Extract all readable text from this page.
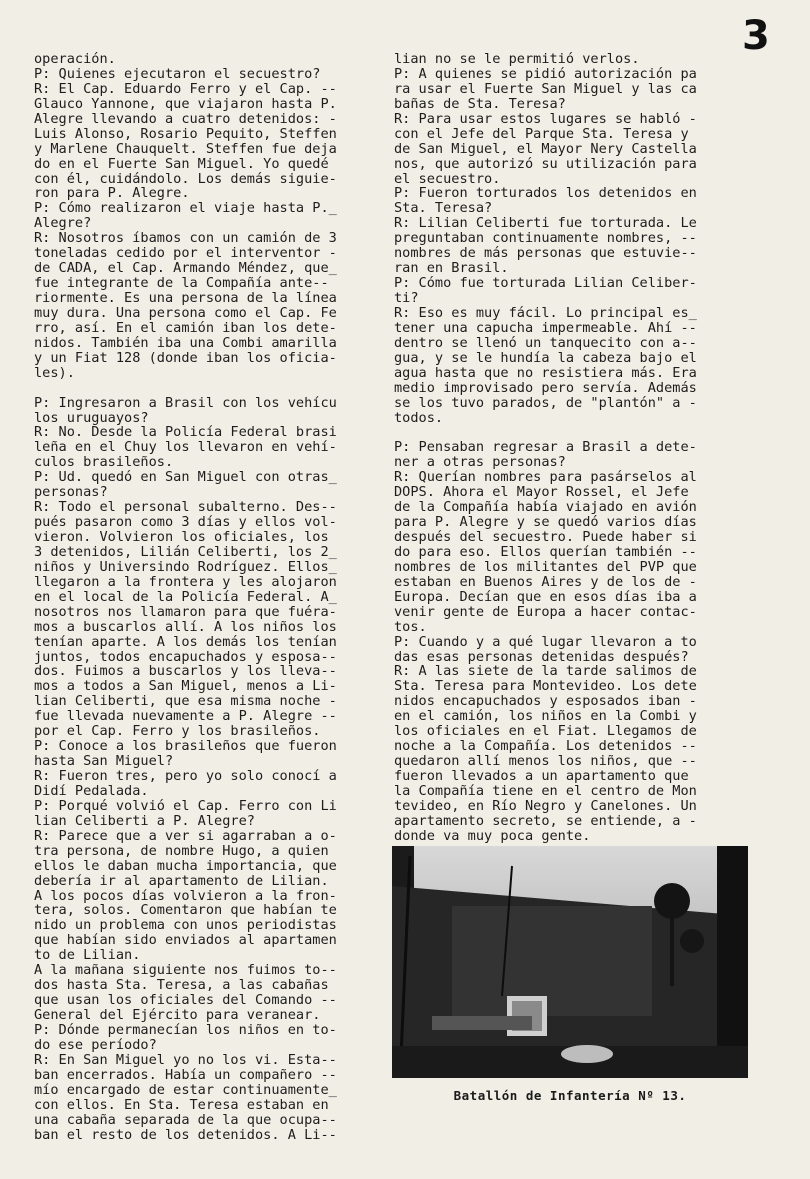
3
operación.
P: Quienes ejecutaron el secuestro?
R: El Cap. Eduardo Ferro y el Cap. --
Glauco Yannone, que viajaron hasta P.
Alegre llevando a cuatro detenidos: -
Luis Alonso, Rosario Pequito, Steffen
y Marlene Chauquelt. Steffen fue deja
do en el Fuerte San Miguel. Yo quedé
con él, cuidándolo. Los demás siguie-
ron para P. Alegre.
P: Cómo realizaron el viaje hasta P._
Alegre?
R: Nosotros íbamos con un camión de 3
toneladas cedido por el interventor -
de CADA, el Cap. Armando Méndez, que_
fue integrante de la Compañía ante--
riormente. Es una persona de la línea
muy dura. Una persona como el Cap. Fe
rro, así. En el camión iban los dete-
nidos. También iba una Combi amarilla
y un Fiat 128 (donde iban los oficia-
les).
P: Ingresaron a Brasil con los vehícu
los uruguayos?
R: No. Desde la Policía Federal brasi
leña en el Chuy los llevaron en vehí-
culos brasileños.
P: Ud. quedó en San Miguel con otras_
personas?
R: Todo el personal subalterno. Des--
pués pasaron como 3 días y ellos vol-
vieron. Volvieron los oficiales, los
3 detenidos, Lilián Celiberti, los 2_
niños y Universindo Rodríguez. Ellos_
llegaron a la frontera y les alojaron
en el local de la Policía Federal. A_
nosotros nos llamaron para que fuéra-
mos a buscarlos allí. A los niños los
tenían aparte. A los demás los tenían
juntos, todos encapuchados y esposa--
dos. Fuimos a buscarlos y los lleva--
mos a todos a San Miguel, menos a Li-
lian Celiberti, que esa misma noche -
fue llevada nuevamente a P. Alegre --
por el Cap. Ferro y los brasileños.
P: Conoce a los brasileños que fueron
hasta San Miguel?
R: Fueron tres, pero yo solo conocí a
Didí Pedalada.
P: Porqué volvió el Cap. Ferro con Li
lian Celiberti a P. Alegre?
R: Parece que a ver si agarraban a o-
tra persona, de nombre Hugo, a quien
ellos le daban mucha importancia, que
debería ir al apartamento de Lilian.
A los pocos días volvieron a la fron-
tera, solos. Comentaron que habían te
nido un problema con unos periodistas
que habían sido enviados al apartamen
to de Lilian.
A la mañana siguiente nos fuimos to--
dos hasta Sta. Teresa, a las cabañas
que usan los oficiales del Comando --
General del Ejército para veranear.
P: Dónde permanecían los niños en to-
do ese período?
R: En San Miguel yo no los vi. Esta--
ban encerrados. Había un compañero --
mío encargado de estar continuamente_
con ellos. En Sta. Teresa estaban en
una cabaña separada de la que ocupa--
ban el resto de los detenidos. A Li--
lian no se le permitió verlos.
P: A quienes se pidió autorización pa
ra usar el Fuerte San Miguel y las ca
bañas de Sta. Teresa?
R: Para usar estos lugares se habló -
con el Jefe del Parque Sta. Teresa y
de San Miguel, el Mayor Nery Castella
nos, que autorizó su utilización para
el secuestro.
P: Fueron torturados los detenidos en
Sta. Teresa?
R: Lilian Celiberti fue torturada. Le
preguntaban continuamente nombres, --
nombres de más personas que estuvie--
ran en Brasil.
P: Cómo fue torturada Lilian Celiber-
ti?
R: Eso es muy fácil. Lo principal es_
tener una capucha impermeable. Ahí --
dentro se llenó un tanquecito con a--
gua, y se le hundía la cabeza bajo el
agua hasta que no resistiera más. Era
medio improvisado pero servía. Además
se los tuvo parados, de "plantón" a -
todos.
P: Pensaban regresar a Brasil a dete-
ner a otras personas?
R: Querían nombres para pasárselos al
DOPS. Ahora el Mayor Rossel, el Jefe
de la Compañía había viajado en avión
para P. Alegre y se quedó varios días
después del secuestro. Puede haber si
do para eso. Ellos querían también --
nombres de los militantes del PVP que
estaban en Buenos Aires y de los de -
Europa. Decían que en esos días iba a
venir gente de Europa a hacer contac-
tos.
P: Cuando y a qué lugar llevaron a to
das esas personas detenidas después?
R: A las siete de la tarde salimos de
Sta. Teresa para Montevideo. Los dete
nidos encapuchados y esposados iban -
en el camión, los niños en la Combi y
los oficiales en el Fiat. Llegamos de
noche a la Compañía. Los detenidos --
quedaron allí menos los niños, que --
fueron llevados a un apartamento que
la Compañía tiene en el centro de Mon
tevideo, en Río Negro y Canelones. Un
apartamento secreto, se entiende, a -
donde va muy poca gente.
Batallón de Infantería Nº 13.
